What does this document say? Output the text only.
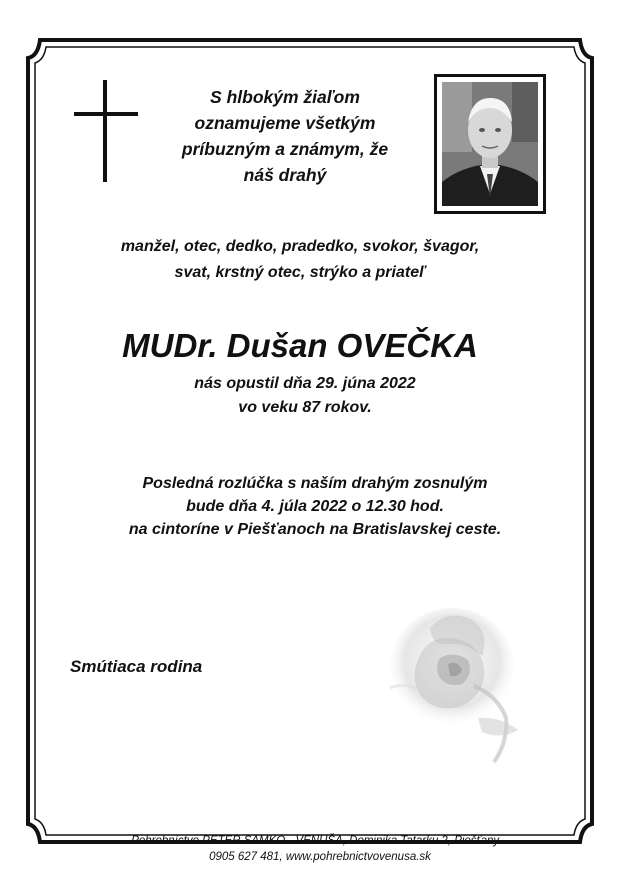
S hlbokým žiaľom
oznamujeme všetkým
príbuzným a známym, že
náš drahý
manžel, otec, dedko, pradedko, svokor, švagor,
svat, krstný otec, strýko a priateľ
MUDr. Dušan OVEČKA
nás opustil dňa 29. júna 2022
vo veku 87 rokov.
Posledná rozlúčka s naším drahým zosnulým
bude dňa 4. júla 2022 o 12.30 hod.
na cintoríne v Piešťanoch na Bratislavskej ceste.
Smútiaca rodina
Pohrebníctvo PETER SAMKO - VENUŠA, Dominika Tatarku 2, Piešťany –
0905 627 481, www.pohrebnictvovenusa.sk
